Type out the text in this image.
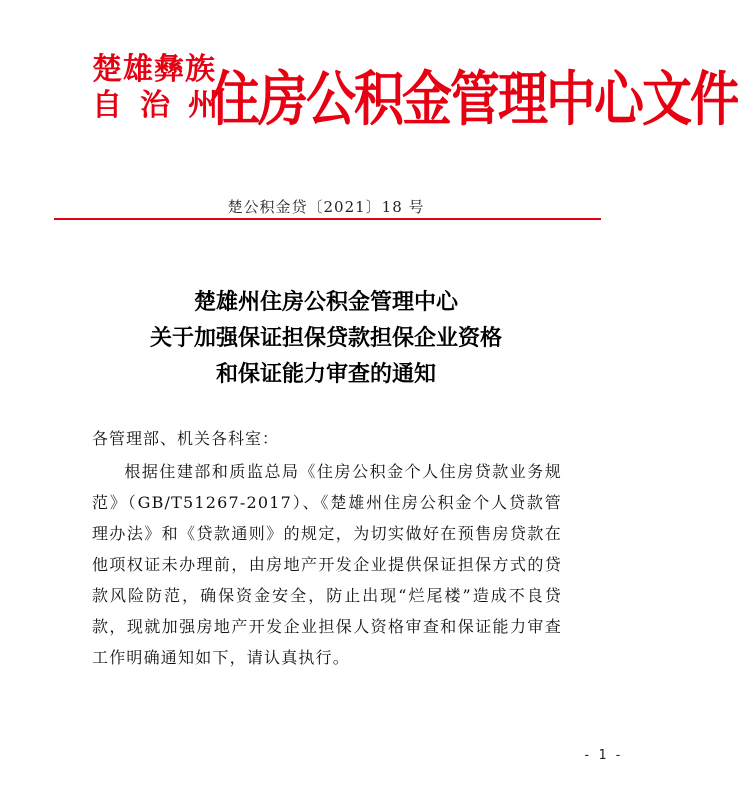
楚雄彝族
自 治 州
住房公积金管理中心文件
楚公积金贷〔2021〕18 号
楚雄州住房公积金管理中心
关于加强保证担保贷款担保企业资格
和保证能力审查的通知
各管理部、机关各科室：
根据住建部和质监总局《住房公积金个人住房贷款业务规范》（GB/T51267-2017）、《楚雄州住房公积金个人贷款管理办法》和《贷款通则》的规定，为切实做好在预售房贷款在他项权证未办理前，由房地产开发企业提供保证担保方式的贷款风险防范，确保资金安全，防止出现“烂尾楼”造成不良贷款，现就加强房地产开发企业担保人资格审查和保证能力审查工作明确通知如下，请认真执行。
- 1 -
